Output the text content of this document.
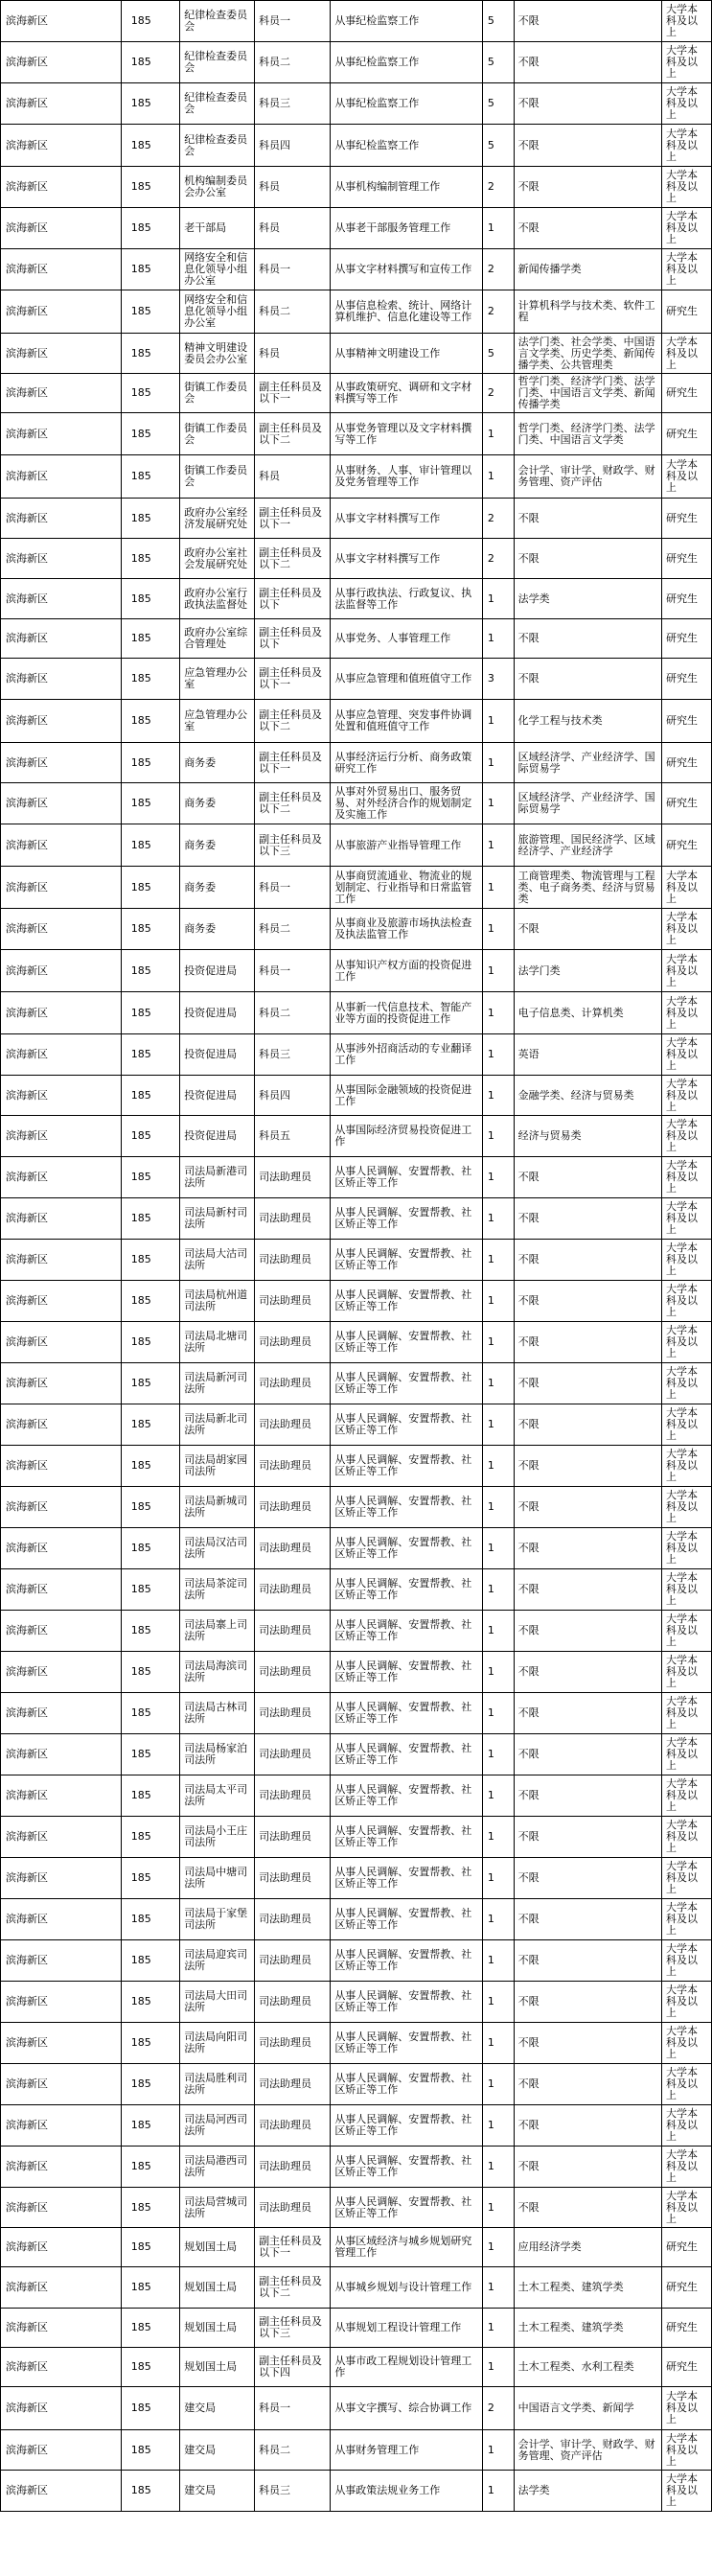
滨海新区	185	纪律检查委员会	科员一	从事纪检监察工作	5	不限	大学本科及以上
滨海新区	185	纪律检查委员会	科员二	从事纪检监察工作	5	不限	大学本科及以上
滨海新区	185	纪律检查委员会	科员三	从事纪检监察工作	5	不限	大学本科及以上
滨海新区	185	纪律检查委员会	科员四	从事纪检监察工作	5	不限	大学本科及以上
滨海新区	185	机构编制委员会办公室	科员	从事机构编制管理工作	2	不限	大学本科及以上
滨海新区	185	老干部局	科员	从事老干部服务管理工作	1	不限	大学本科及以上
滨海新区	185	网络安全和信息化领导小组办公室	科员一	从事文字材料撰写和宣传工作	2	新闻传播学类	大学本科及以上
滨海新区	185	网络安全和信息化领导小组办公室	科员二	从事信息检索、统计、网络计算机维护、信息化建设等工作	2	计算机科学与技术类、软件工程	研究生
滨海新区	185	精神文明建设委员会办公室	科员	从事精神文明建设工作	5	法学门类、社会学类、中国语言文学类、历史学类、新闻传播学类、公共管理类	大学本科及以上
滨海新区	185	街镇工作委员会	副主任科员及以下一	从事政策研究、调研和文字材料撰写等工作	2	哲学门类、经济学门类、法学门类、中国语言文学类、新闻传播学类	研究生
滨海新区	185	街镇工作委员会	副主任科员及以下二	从事党务管理以及文字材料撰写等工作	1	哲学门类、经济学门类、法学门类、中国语言文学类	研究生
滨海新区	185	街镇工作委员会	科员	从事财务、人事、审计管理以及党务管理等工作	1	会计学、审计学、财政学、财务管理、资产评估	大学本科及以上
滨海新区	185	政府办公室经济发展研究处	副主任科员及以下一	从事文字材料撰写工作	2	不限	研究生
滨海新区	185	政府办公室社会发展研究处	副主任科员及以下二	从事文字材料撰写工作	2	不限	研究生
滨海新区	185	政府办公室行政执法监督处	副主任科员及以下	从事行政执法、行政复议、执法监督等工作	1	法学类	研究生
滨海新区	185	政府办公室综合管理处	副主任科员及以下	从事党务、人事管理工作	1	不限	研究生
滨海新区	185	应急管理办公室	副主任科员及以下一	从事应急管理和值班值守工作	3	不限	研究生
滨海新区	185	应急管理办公室	副主任科员及以下二	从事应急管理、突发事件协调处置和值班值守工作	1	化学工程与技术类	研究生
滨海新区	185	商务委	副主任科员及以下一	从事经济运行分析、商务政策研究工作	1	区域经济学、产业经济学、国际贸易学	研究生
滨海新区	185	商务委	副主任科员及以下二	从事对外贸易出口、服务贸易、对外经济合作的规划制定及实施工作	1	区域经济学、产业经济学、国际贸易学	研究生
滨海新区	185	商务委	副主任科员及以下三	从事旅游产业指导管理工作	1	旅游管理、国民经济学、区域经济学、产业经济学	研究生
滨海新区	185	商务委	科员一	从事商贸流通业、物流业的规划制定、行业指导和日常监管工作	1	工商管理类、物流管理与工程类、电子商务类、经济与贸易类	大学本科及以上
滨海新区	185	商务委	科员二	从事商业及旅游市场执法检查及执法监管工作	1	不限	大学本科及以上
滨海新区	185	投资促进局	科员一	从事知识产权方面的投资促进工作	1	法学门类	大学本科及以上
滨海新区	185	投资促进局	科员二	从事新一代信息技术、智能产业等方面的投资促进工作	1	电子信息类、计算机类	大学本科及以上
滨海新区	185	投资促进局	科员三	从事涉外招商活动的专业翻译工作	1	英语	大学本科及以上
滨海新区	185	投资促进局	科员四	从事国际金融领域的投资促进工作	1	金融学类、经济与贸易类	大学本科及以上
滨海新区	185	投资促进局	科员五	从事国际经济贸易投资促进工作	1	经济与贸易类	大学本科及以上
滨海新区	185	司法局新港司法所	司法助理员	从事人民调解、安置帮教、社区矫正等工作	1	不限	大学本科及以上
滨海新区	185	司法局新村司法所	司法助理员	从事人民调解、安置帮教、社区矫正等工作	1	不限	大学本科及以上
滨海新区	185	司法局大沽司法所	司法助理员	从事人民调解、安置帮教、社区矫正等工作	1	不限	大学本科及以上
滨海新区	185	司法局杭州道司法所	司法助理员	从事人民调解、安置帮教、社区矫正等工作	1	不限	大学本科及以上
滨海新区	185	司法局北塘司法所	司法助理员	从事人民调解、安置帮教、社区矫正等工作	1	不限	大学本科及以上
滨海新区	185	司法局新河司法所	司法助理员	从事人民调解、安置帮教、社区矫正等工作	1	不限	大学本科及以上
滨海新区	185	司法局新北司法所	司法助理员	从事人民调解、安置帮教、社区矫正等工作	1	不限	大学本科及以上
滨海新区	185	司法局胡家园司法所	司法助理员	从事人民调解、安置帮教、社区矫正等工作	1	不限	大学本科及以上
滨海新区	185	司法局新城司法所	司法助理员	从事人民调解、安置帮教、社区矫正等工作	1	不限	大学本科及以上
滨海新区	185	司法局汉沽司法所	司法助理员	从事人民调解、安置帮教、社区矫正等工作	1	不限	大学本科及以上
滨海新区	185	司法局茶淀司法所	司法助理员	从事人民调解、安置帮教、社区矫正等工作	1	不限	大学本科及以上
滨海新区	185	司法局寨上司法所	司法助理员	从事人民调解、安置帮教、社区矫正等工作	1	不限	大学本科及以上
滨海新区	185	司法局海滨司法所	司法助理员	从事人民调解、安置帮教、社区矫正等工作	1	不限	大学本科及以上
滨海新区	185	司法局古林司法所	司法助理员	从事人民调解、安置帮教、社区矫正等工作	1	不限	大学本科及以上
滨海新区	185	司法局杨家泊司法所	司法助理员	从事人民调解、安置帮教、社区矫正等工作	1	不限	大学本科及以上
滨海新区	185	司法局太平司法所	司法助理员	从事人民调解、安置帮教、社区矫正等工作	1	不限	大学本科及以上
滨海新区	185	司法局小王庄司法所	司法助理员	从事人民调解、安置帮教、社区矫正等工作	1	不限	大学本科及以上
滨海新区	185	司法局中塘司法所	司法助理员	从事人民调解、安置帮教、社区矫正等工作	1	不限	大学本科及以上
滨海新区	185	司法局于家堡司法所	司法助理员	从事人民调解、安置帮教、社区矫正等工作	1	不限	大学本科及以上
滨海新区	185	司法局迎宾司法所	司法助理员	从事人民调解、安置帮教、社区矫正等工作	1	不限	大学本科及以上
滨海新区	185	司法局大田司法所	司法助理员	从事人民调解、安置帮教、社区矫正等工作	1	不限	大学本科及以上
滨海新区	185	司法局向阳司法所	司法助理员	从事人民调解、安置帮教、社区矫正等工作	1	不限	大学本科及以上
滨海新区	185	司法局胜利司法所	司法助理员	从事人民调解、安置帮教、社区矫正等工作	1	不限	大学本科及以上
滨海新区	185	司法局河西司法所	司法助理员	从事人民调解、安置帮教、社区矫正等工作	1	不限	大学本科及以上
滨海新区	185	司法局港西司法所	司法助理员	从事人民调解、安置帮教、社区矫正等工作	1	不限	大学本科及以上
滨海新区	185	司法局营城司法所	司法助理员	从事人民调解、安置帮教、社区矫正等工作	1	不限	大学本科及以上
滨海新区	185	规划国土局	副主任科员及以下一	从事区域经济与城乡规划研究管理工作	1	应用经济学类	研究生
滨海新区	185	规划国土局	副主任科员及以下二	从事城乡规划与设计管理工作	1	土木工程类、建筑学类	研究生
滨海新区	185	规划国土局	副主任科员及以下三	从事规划工程设计管理工作	1	土木工程类、建筑学类	研究生
滨海新区	185	规划国土局	副主任科员及以下四	从事市政工程规划设计管理工作	1	土木工程类、水利工程类	研究生
滨海新区	185	建交局	科员一	从事文字撰写、综合协调工作	2	中国语言文学类、新闻学	大学本科及以上
滨海新区	185	建交局	科员二	从事财务管理工作	1	会计学、审计学、财政学、财务管理、资产评估	大学本科及以上
滨海新区	185	建交局	科员三	从事政策法规业务工作	1	法学类	大学本科及以上
